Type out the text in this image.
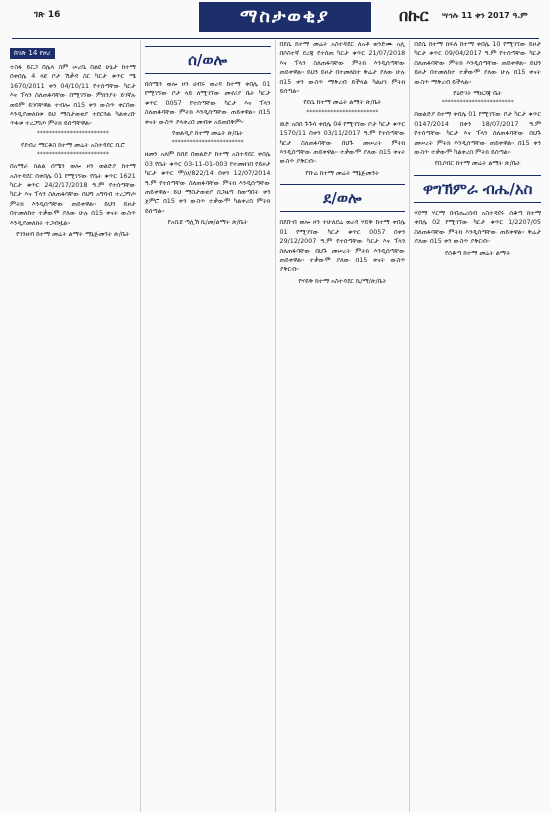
ገጽ 16	ማስታወቂያ	በኩር ሣኅሉ 11 ቀን 2017 ዓ.ም
ከገጽ 14 የዞረ

ተስፋ ይርጋ በሌላ ስም ሠረቤ በልዩ ሁኔታ ከተማ በቀበሌ 4 ላዩ ቦታ ሽቃዳ ስር ካርታ ቁጥር ሜ 1670/2011 ቀን 04/10/11 የተሰጣቸው ካርታ እና ፕላን ስለጠፋባቸው በሚገኘው ምክንያት ይገኛሉ ወይም ይገባቸዋል ተብሎ በ15 ቀን ውስጥ ቀርበው እንዲያመለክቱ ይህ ማስታወቂያ ተደርጓል ካልቀረቡ ጥፋቱ ተረጋግጦ ምትክ ይሰጣቸዋል።

************************

የደብረ ማርቆስ ከተማ መሬት አስተዳደር ቢሮ

************************

በአማራ ክልል ሰሜን ወሎ ዞን ወልድያ ከተማ አስተዳደር በቀበሌ 01 የሚገኘው የቤት ቁጥር 1621 ካርታ ቁጥር 24/2/17/2018 ዓ.ም የተሰጣቸው ካርታ እና ፕላን ስለጠፋባቸው በህግ አግባብ ተረጋግጦ ምትክ እንዲሰጣቸው ጠይቀዋል። ይህን ይዞታ በተመለከተ ተቃውሞ ያለው ሁሉ በ15 ቀናት ውስጥ እንዲያመለክት ተጋብዟል።

የገንዘብ ከተማ መሬት ልማት ማኔጅመንት ጽ/ቤት

ሰ/ወሎ

በሰሜን ወሎ ዞን ሀብሩ ወረዳ ከተማ ቀበሌ 01 የሚገኘው ቦታ ላይ ለሚገኘው መኖሪያ ቤት ካርታ ቁጥር 0057 የተሰጣቸው ካርታ እና ፕላን ስለጠፋባቸው ምትክ እንዲሰጣቸው ጠይቀዋል። በ15 ቀናት ውስጥ ያላቀረበ መብቱ አይጠበቅም።

የወልዲያ ከተማ መሬት ጽ/ቤት

************************

ዘመን አለም ከበደ በወልድያ ከተማ አስተዳደር ቀበሌ 03 የቤት ቁጥር 03-11-01-003 የተመዘገበ የይዞታ ካርታ ቁጥር ሞ/ሀ/822/14 በቀን 12/07/2014 ዓ.ም የተሰጣቸው ስለጠፋባቸው ምትክ እንዲሰጣቸው ጠይቀዋል። ይህ ማስታወቂያ በጋዜጣ ከወጣበት ቀን ጀምሮ በ15 ቀን ውስጥ ተቃውሞ ካልቀረበ ምትክ ይሰጣል።

የአቢዩ ጣሊሽ ኬ/መ/ልማት ጽ/ቤት

በደሴ ከተማ መሬት አስተዳደር ለአቶ ወንድሙ አሊ በሶስተኛ ደረጃ የተሰጠ ካርታ ቁጥር 21/07/2018 እና ፕላን ስለጠፋባቸው ምትክ እንዲሰጣቸው ጠይቀዋል። ይህን ይዞታ በተመለከተ ቅሬታ ያለው ሁሉ በ15 ቀን ውስጥ ማቅረብ ይችላል ካልሆነ ምትክ ይሰጣል።

የደሴ ከተማ መሬት ልማት ጽ/ቤት

************************

ዉድ አበበ ጉጉሳ ቀበሌ 04 የሚገኘው ቦታ ካርታ ቁጥር 1570/11 በቀን 03/11/2017 ዓ.ም የተሰጣቸው ካርታ ስለጠፋባቸው በህጉ መሠረት ምትክ እንዲሰጣቸው ጠይቀዋል። ተቃውሞ ያለው በ15 ቀናት ውስጥ ያቅርብ።

የቡሬ ከተማ መሬት ማኔጅመንት

ደ/ወሎ

በደቡብ ወሎ ዞን ተሁለደሬ ወረዳ ሃይቅ ከተማ ቀበሌ 01 የሚገኘው ካርታ ቁጥር 0057 በቀን 29/12/2007 ዓ.ም የተሰጣቸው ካርታ እና ፕላን ስለጠፋባቸው በህጉ መሠረት ምትክ እንዲሰጣቸው ጠይቀዋል። ተቃውሞ ያለው በ15 ቀናት ውስጥ ያቅርብ።

የሃይቅ ከተማ አስተዳደር ኬ/ማ/ጽ/ቤት

በደሴ ከተማ ክፍለ ከተማ ቀበሌ 10 የሚገኘው ይዞታ ካርታ ቁጥር 09/04/2017 ዓ.ም የተሰጣቸው ካርታ ስለጠፋባቸው ምትክ እንዲሰጣቸው ጠይቀዋል። ይህን ይዞታ በተመለከተ ተቃውሞ ያለው ሁሉ በ15 ቀናት ውስጥ ማቅረብ ይችላል።

የዕድገት ማዘጋጃ ቤት

************************

በወልድያ ከተማ ቀበሌ 01 የሚገኘው ቦታ ካርታ ቁጥር 0147/2014 በቀን 18/07/2017 ዓ.ም የተሰጣቸው ካርታ እና ፕላን ስለጠፋባቸው በህጉ መሠረት ምትክ እንዲሰጣቸው ጠይቀዋል። በ15 ቀን ውስጥ ተቃውሞ ካልቀረበ ምትክ ይሰጣል።

የቢሶበር ከተማ መሬት ልማት ጽ/ቤት

ዋግኽምራ ብሔ/አስ

ሃደማ ሃርማ በብሔረሰብ አስተዳደሩ ሰቆጣ ከተማ ቀበሌ 02 የሚገኘው ካርታ ቁጥር 1/2207/05 ስለጠፋባቸው ምትክ እንዲሰጣቸው ጠይቀዋል። ቅሬታ ያለው በ15 ቀን ውስጥ ያቅርብ።

የሰቆጣ ከተማ መሬት ልማት
